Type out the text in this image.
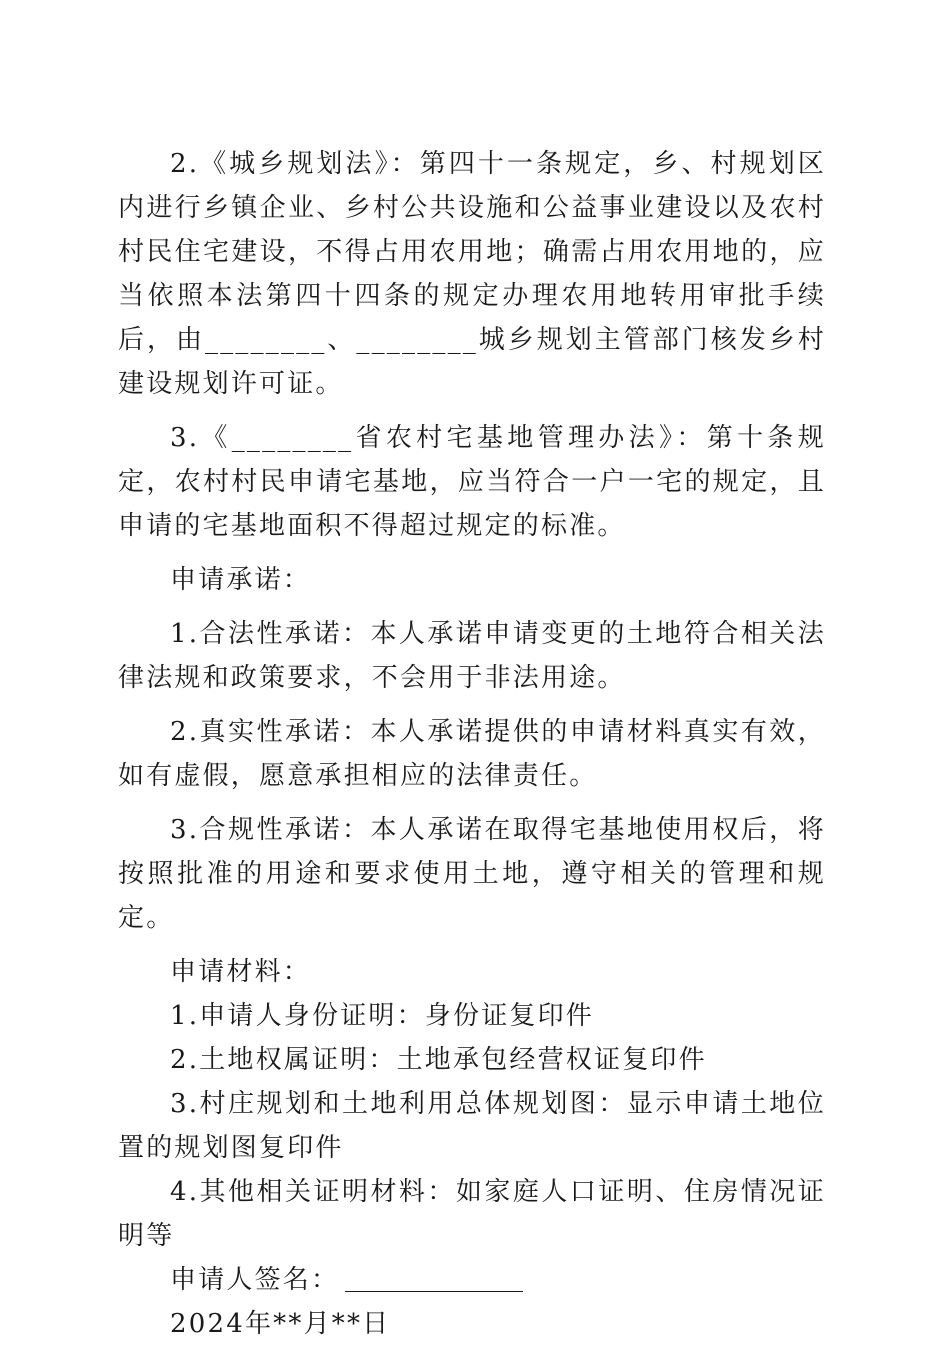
2.《城乡规划法》：第四十一条规定，乡、村规划区内进行乡镇企业、乡村公共设施和公益事业建设以及农村村民住宅建设，不得占用农用地；确需占用农用地的，应当依照本法第四十四条的规定办理农用地转用审批手续后，由________、________城乡规划主管部门核发乡村建设规划许可证。

3.《________省农村宅基地管理办法》：第十条规定，农村村民申请宅基地，应当符合一户一宅的规定，且申请的宅基地面积不得超过规定的标准。

申请承诺：

1.合法性承诺：本人承诺申请变更的土地符合相关法律法规和政策要求，不会用于非法用途。

2.真实性承诺：本人承诺提供的申请材料真实有效，如有虚假，愿意承担相应的法律责任。

3.合规性承诺：本人承诺在取得宅基地使用权后，将按照批准的用途和要求使用土地，遵守相关的管理和规定。

申请材料：

1.申请人身份证明：身份证复印件

2.土地权属证明：土地承包经营权证复印件

3.村庄规划和土地利用总体规划图：显示申请土地位置的规划图复印件

4.其他相关证明材料：如家庭人口证明、住房情况证明等

申请人签名：

2024年**月**日
